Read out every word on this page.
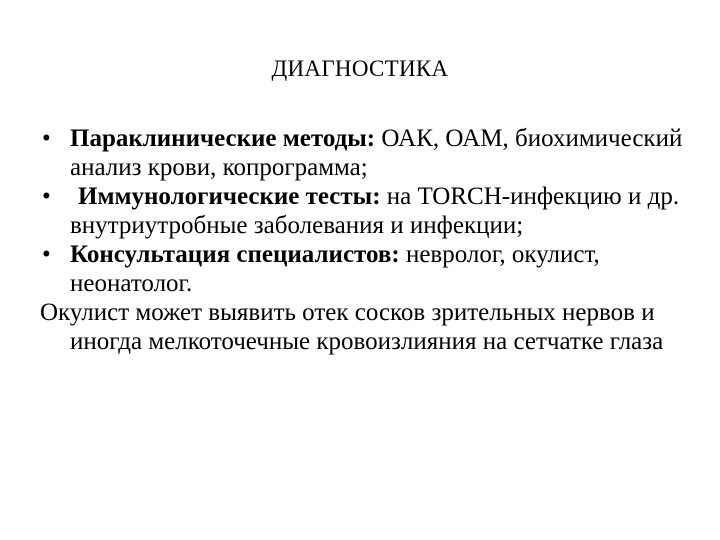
ДИАГНОСТИКА

• Параклинические методы: ОАК, ОАМ, биохимический анализ крови, копрограмма;

• Иммунологические тесты: на TORCH-инфекцию и др. внутриутробные заболевания и инфекции;

• Консультация специалистов: невролог, окулист, неонатолог.

Окулист может выявить отек сосков зрительных нервов и иногда мелкоточечные кровоизлияния на сетчатке глаза
